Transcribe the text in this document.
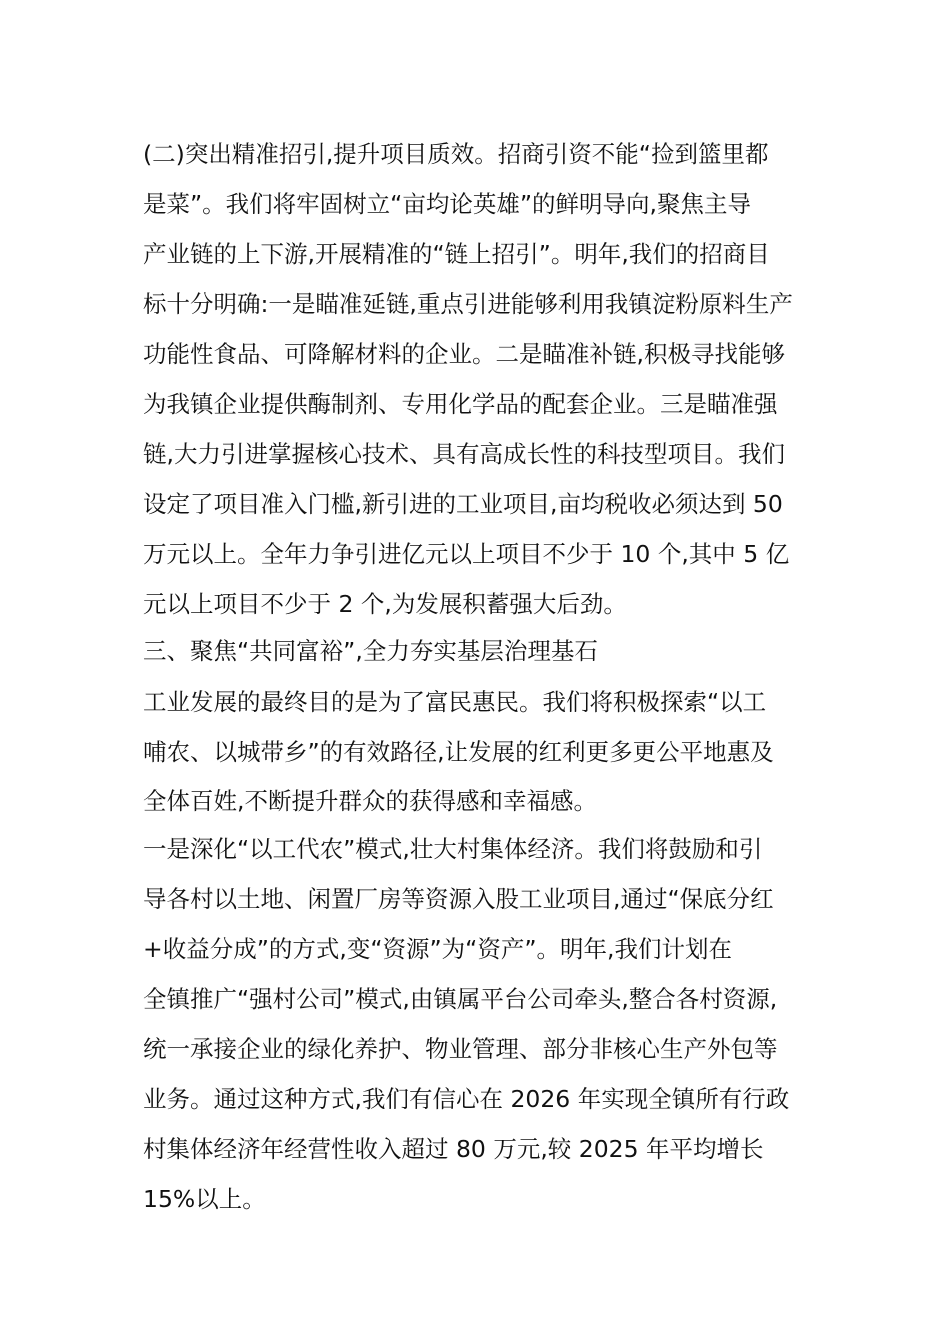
(二)突出精准招引,提升项目质效。招商引资不能“捡到篮里都
是菜”。我们将牢固树立“亩均论英雄”的鲜明导向,聚焦主导
产业链的上下游,开展精准的“链上招引”。明年,我们的招商目
标十分明确:一是瞄准延链,重点引进能够利用我镇淀粉原料生产
功能性食品、可降解材料的企业。二是瞄准补链,积极寻找能够
为我镇企业提供酶制剂、专用化学品的配套企业。三是瞄准强
链,大力引进掌握核心技术、具有高成长性的科技型项目。我们
设定了项目准入门槛,新引进的工业项目,亩均税收必须达到 50
万元以上。全年力争引进亿元以上项目不少于 10 个,其中 5 亿
元以上项目不少于 2 个,为发展积蓄强大后劲。
三、聚焦“共同富裕”,全力夯实基层治理基石
工业发展的最终目的是为了富民惠民。我们将积极探索“以工
哺农、以城带乡”的有效路径,让发展的红利更多更公平地惠及
全体百姓,不断提升群众的获得感和幸福感。
一是深化“以工代农”模式,壮大村集体经济。我们将鼓励和引
导各村以土地、闲置厂房等资源入股工业项目,通过“保底分红
+收益分成”的方式,变“资源”为“资产”。明年,我们计划在
全镇推广“强村公司”模式,由镇属平台公司牵头,整合各村资源,
统一承接企业的绿化养护、物业管理、部分非核心生产外包等
业务。通过这种方式,我们有信心在 2026 年实现全镇所有行政
村集体经济年经营性收入超过 80 万元,较 2025 年平均增长
15%以上。
